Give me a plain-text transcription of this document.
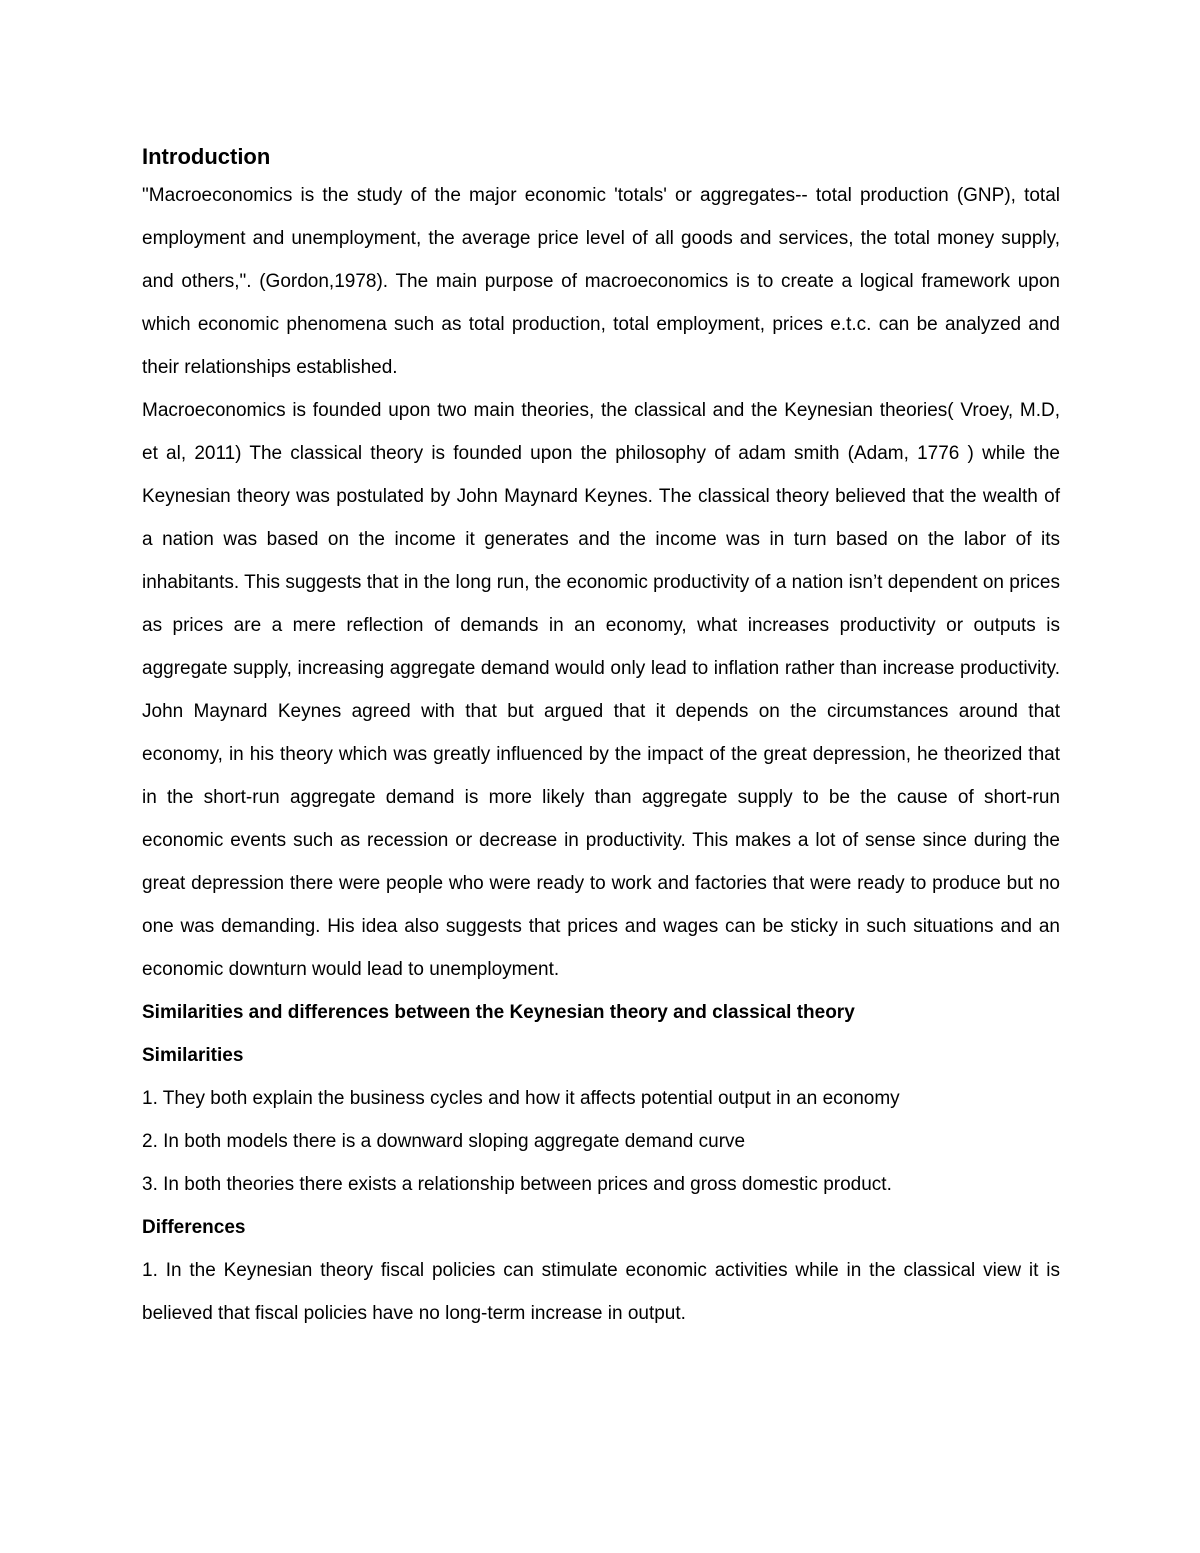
Introduction

"Macroeconomics is the study of the major economic 'totals' or aggregates-- total production (GNP), total employment and unemployment, the average price level of all goods and services, the total money supply, and others,". (Gordon,1978). The main purpose of macroeconomics is to create a logical framework upon which economic phenomena such as total production, total employment, prices e.t.c. can be analyzed and their relationships established.

Macroeconomics is founded upon two main theories, the classical and the Keynesian theories( Vroey, M.D, et al, 2011) The classical theory is founded upon the philosophy of adam smith (Adam, 1776 ) while the Keynesian theory was postulated by John Maynard Keynes. The classical theory believed that the wealth of a nation was based on the income it generates and the income was in turn based on the labor of its inhabitants. This suggests that in the long run, the economic productivity of a nation isn’t dependent on prices as prices are a mere reflection of demands in an economy, what increases productivity or outputs is aggregate supply, increasing aggregate demand would only lead to inflation rather than increase productivity. John Maynard Keynes agreed with that but argued that it depends on the circumstances around that economy, in his theory which was greatly influenced by the impact of the great depression, he theorized that in the short-run aggregate demand is more likely than aggregate supply to be the cause of short-run economic events such as recession or decrease in productivity. This makes a lot of sense since during the great depression there were people who were ready to work and factories that were ready to produce but no one was demanding. His idea also suggests that prices and wages can be sticky in such situations and an economic downturn would lead to unemployment.

Similarities and differences between the Keynesian theory and classical theory
Similarities
1. They both explain the business cycles and how it affects potential output in an economy
2. In both models there is a downward sloping aggregate demand curve
3. In both theories there exists a relationship between prices and gross domestic product.
Differences

1. In the Keynesian theory fiscal policies can stimulate economic activities while in the classical view it is believed that fiscal policies have no long-term increase in output.
